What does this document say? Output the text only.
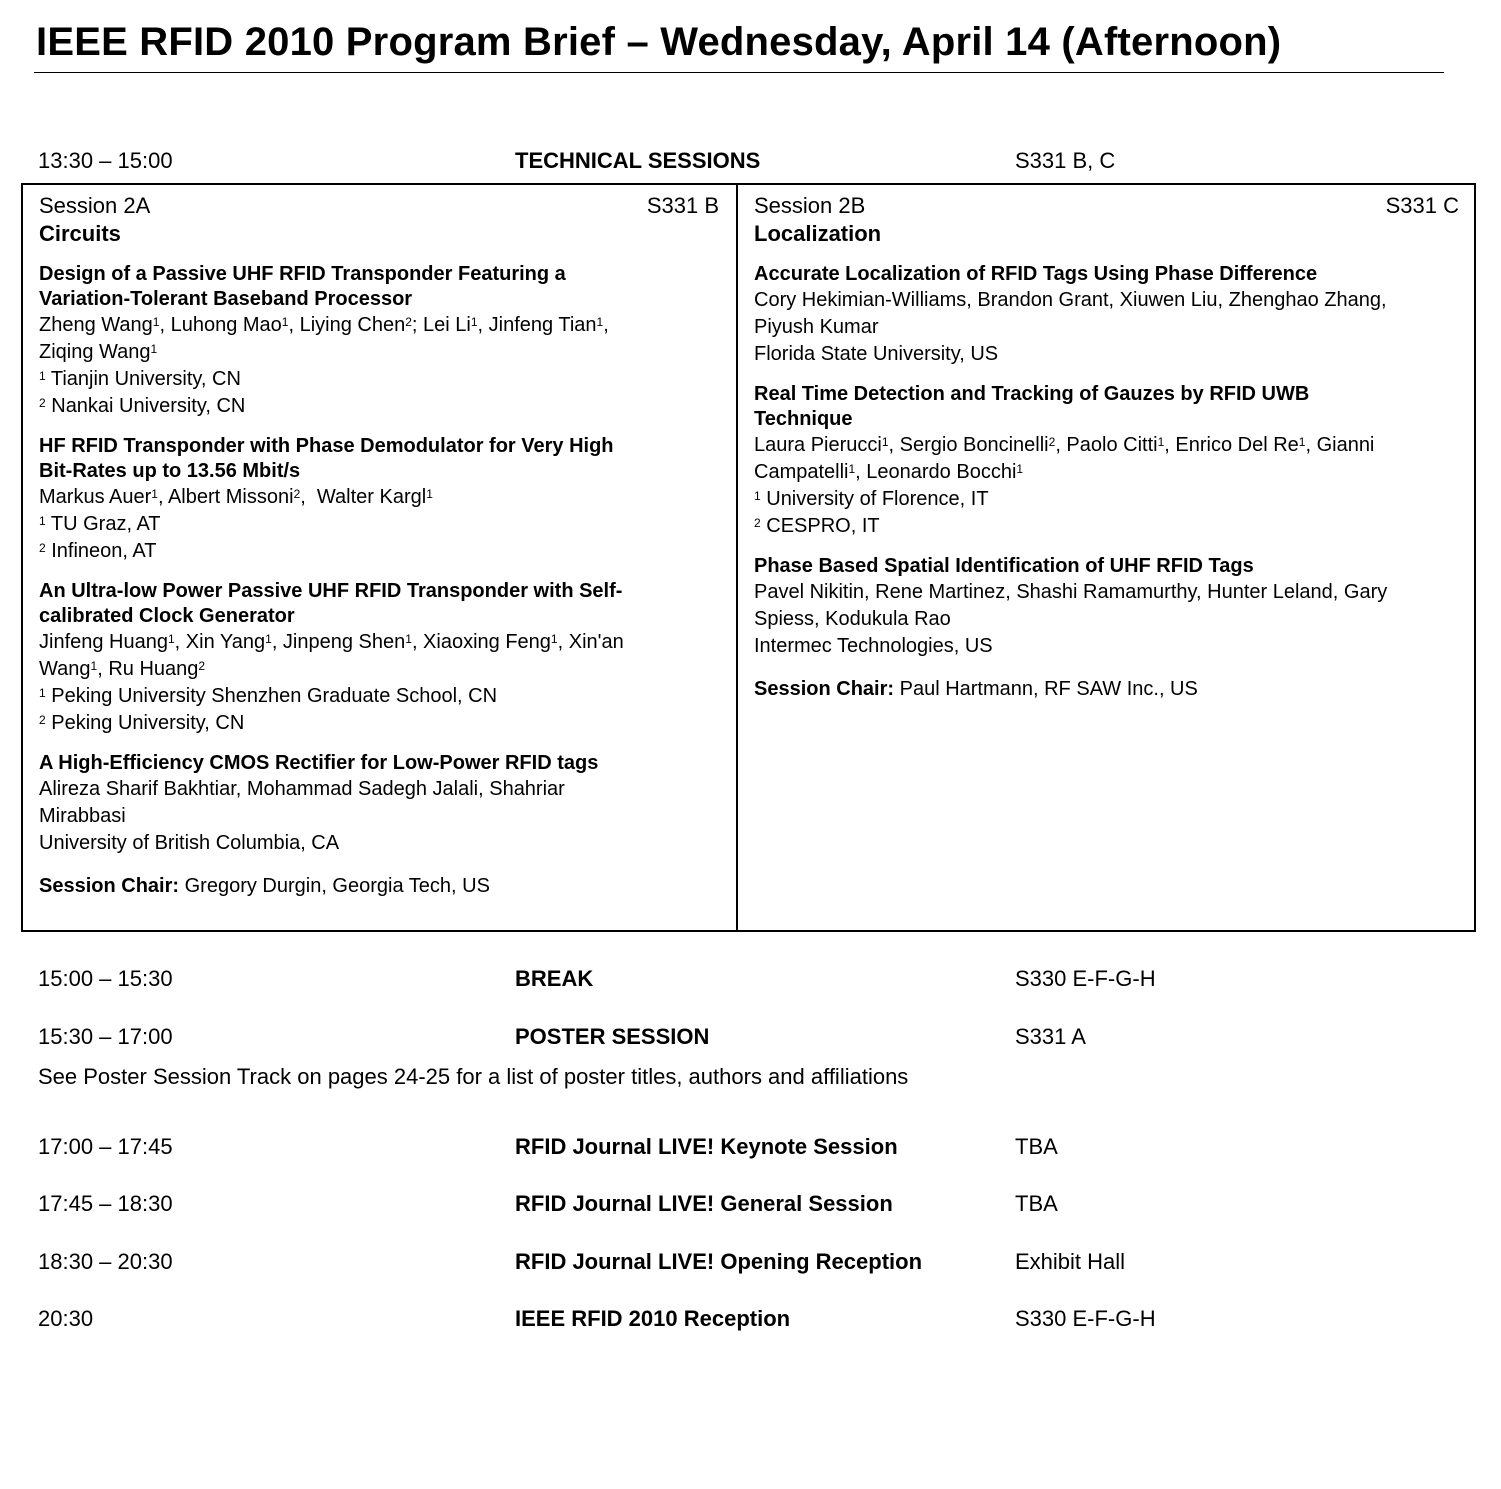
IEEE RFID 2010 Program Brief – Wednesday, April 14 (Afternoon)
13:30 – 15:00	TECHNICAL SESSIONS	S331 B, C
Session 2A	S331 B
Circuits
Design of a Passive UHF RFID Transponder Featuring a
Variation-Tolerant Baseband Processor
Zheng Wang$^1$, Luhong Mao$^1$, Liying Chen$^2$; Lei Li$^1$, Jinfeng Tian$^1$,
Ziqing Wang$^1$
$^1$ Tianjin University, CN
$^2$ Nankai University, CN
HF RFID Transponder with Phase Demodulator for Very High
Bit-Rates up to 13.56 Mbit/s
Markus Auer$^1$, Albert Missoni$^2$,  Walter Kargl$^1$
$^1$ TU Graz, AT
$^2$ Infineon, AT
An Ultra-low Power Passive UHF RFID Transponder with Self-
calibrated Clock Generator
Jinfeng Huang$^1$, Xin Yang$^1$, Jinpeng Shen$^1$, Xiaoxing Feng$^1$, Xin'an
Wang$^1$, Ru Huang$^2$
$^1$ Peking University Shenzhen Graduate School, CN
$^2$ Peking University, CN
A High-Efficiency CMOS Rectifier for Low-Power RFID tags
Alireza Sharif Bakhtiar, Mohammad Sadegh Jalali, Shahriar
Mirabbasi
University of British Columbia, CA
Session Chair: Gregory Durgin, Georgia Tech, US
Session 2B	S331 C
Localization
Accurate Localization of RFID Tags Using Phase Difference
Cory Hekimian-Williams, Brandon Grant, Xiuwen Liu, Zhenghao Zhang,
Piyush Kumar
Florida State University, US
Real Time Detection and Tracking of Gauzes by RFID UWB
Technique
Laura Pierucci$^1$, Sergio Boncinelli$^2$, Paolo Citti$^1$, Enrico Del Re$^1$, Gianni
Campatelli$^1$, Leonardo Bocchi$^1$
$^1$ University of Florence, IT
$^2$ CESPRO, IT
Phase Based Spatial Identification of UHF RFID Tags
Pavel Nikitin, Rene Martinez, Shashi Ramamurthy, Hunter Leland, Gary
Spiess, Kodukula Rao
Intermec Technologies, US
Session Chair: Paul Hartmann, RF SAW Inc., US
15:00 – 15:30	BREAK	S330 E-F-G-H
15:30 – 17:00	POSTER SESSION	S331 A
See Poster Session Track on pages 24-25 for a list of poster titles, authors and affiliations
17:00 – 17:45	RFID Journal LIVE! Keynote Session	TBA
17:45 – 18:30	RFID Journal LIVE! General Session	TBA
18:30 – 20:30	RFID Journal LIVE! Opening Reception	Exhibit Hall
20:30	IEEE RFID 2010 Reception	S330 E-F-G-H
